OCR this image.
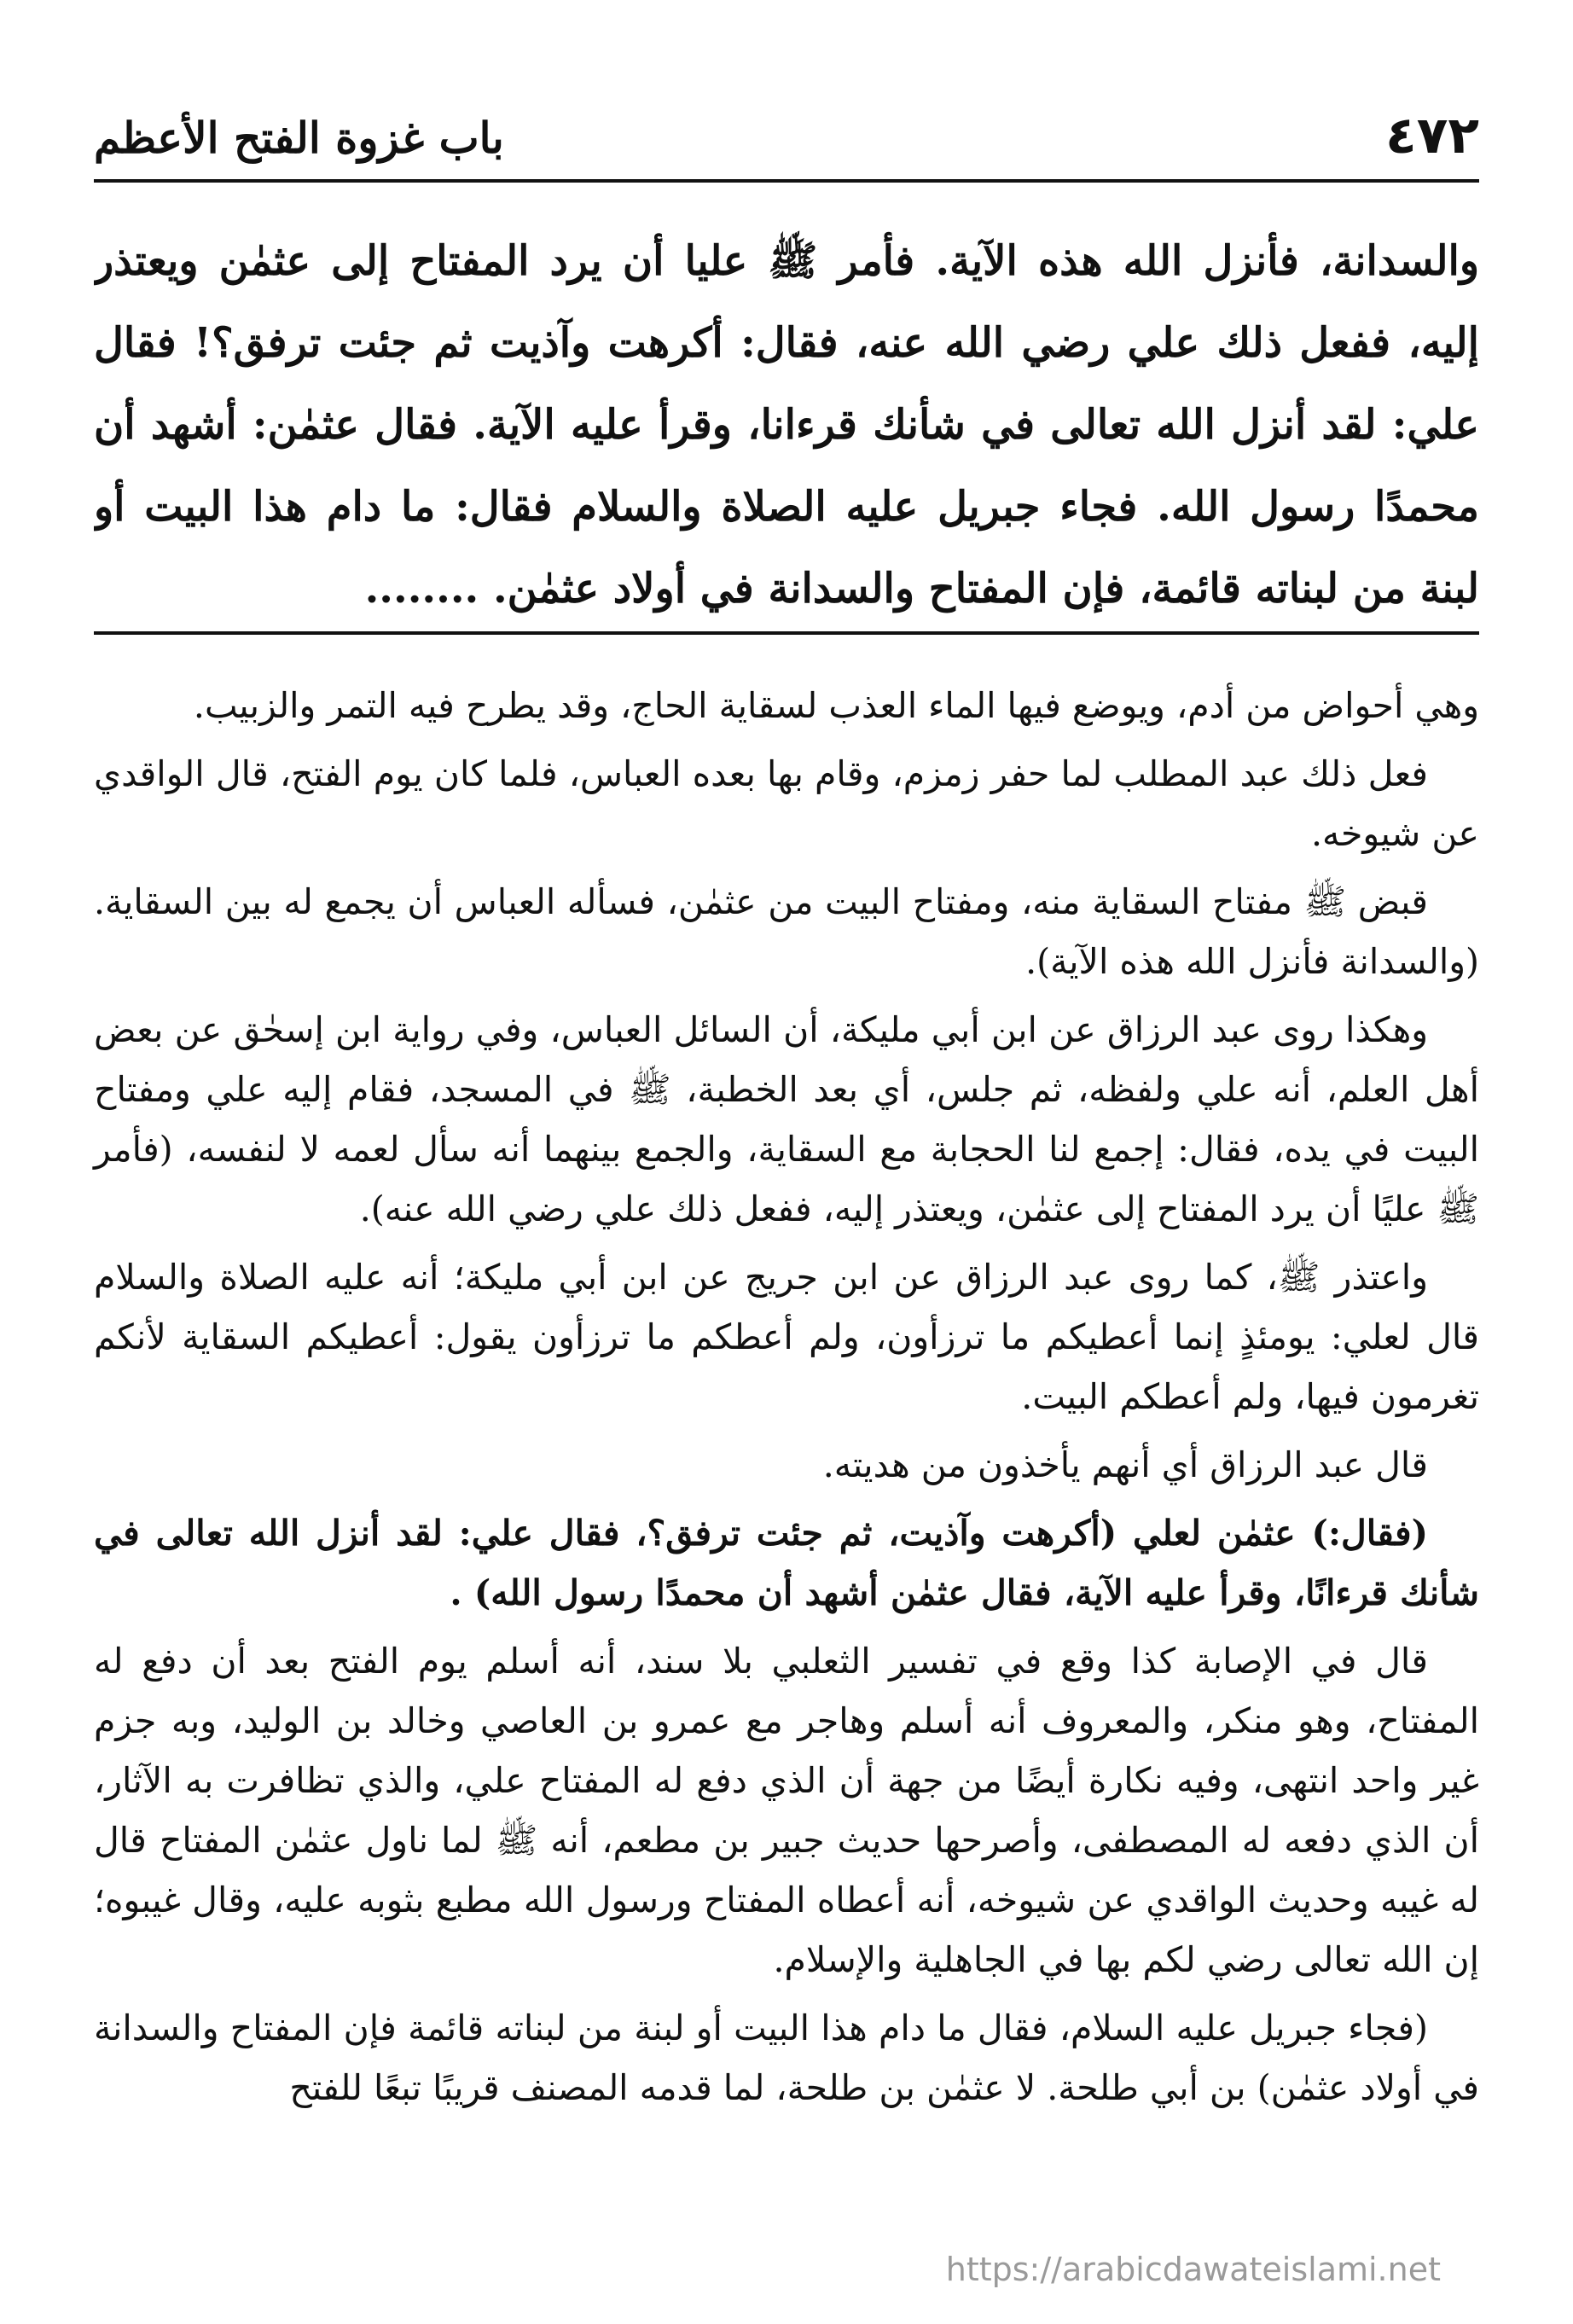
٤٧٢
باب غزوة الفتح الأعظم
والسدانة، فأنزل الله هذه الآية. فأمر ﷺ عليا أن يرد المفتاح إلى عثمٰن ويعتذر
إليه، ففعل ذلك علي رضي الله عنه، فقال: أكرهت وآذيت ثم جئت ترفق؟! فقال
علي: لقد أنزل الله تعالى في شأنك قرءانا، وقرأ عليه الآية. فقال عثمٰن: أشهد أن
محمدًا رسول الله. فجاء جبريل عليه الصلاة والسلام فقال: ما دام هذا البيت أو
لبنة من لبناته قائمة، فإن المفتاح والسدانة في أولاد عثمٰن. ........

وهي أحواض من أدم، ويوضع فيها الماء العذب لسقاية الحاج، وقد يطرح فيه التمر والزبيب.

فعل ذلك عبد المطلب لما حفر زمزم، وقام بها بعده العباس، فلما كان يوم الفتح، قال الواقدي عن شيوخه.

قبض ﷺ مفتاح السقاية منه، ومفتاح البيت من عثمٰن، فسأله العباس أن يجمع له بين السقاية. (والسدانة فأنزل الله هذه الآية).

وهكذا روى عبد الرزاق عن ابن أبي مليكة، أن السائل العباس، وفي رواية ابن إسحٰق عن بعض أهل العلم، أنه علي ولفظه، ثم جلس، أي بعد الخطبة، ﷺ في المسجد، فقام إليه علي ومفتاح البيت في يده، فقال: إجمع لنا الحجابة مع السقاية، والجمع بينهما أنه سأل لعمه لا لنفسه، (فأمر ﷺ عليًا أن يرد المفتاح إلى عثمٰن، ويعتذر إليه، ففعل ذلك علي رضي الله عنه).

واعتذر ﷺ، كما روى عبد الرزاق عن ابن جريج عن ابن أبي مليكة؛ أنه عليه الصلاة والسلام قال لعلي: يومئذٍ إنما أعطيكم ما ترزأون، ولم أعطكم ما ترزأون يقول: أعطيكم السقاية لأنكم تغرمون فيها، ولم أعطكم البيت.

قال عبد الرزاق أي أنهم يأخذون من هديته.

(فقال:) عثمٰن لعلي (أكرهت وآذيت، ثم جئت ترفق؟، فقال علي: لقد أنزل الله تعالى في شأنك قرءانًا، وقرأ عليه الآية، فقال عثمٰن أشهد أن محمدًا رسول الله) .

قال في الإصابة كذا وقع في تفسير الثعلبي بلا سند، أنه أسلم يوم الفتح بعد أن دفع له المفتاح، وهو منكر، والمعروف أنه أسلم وهاجر مع عمرو بن العاصي وخالد بن الوليد، وبه جزم غير واحد انتهى، وفيه نكارة أيضًا من جهة أن الذي دفع له المفتاح علي، والذي تظافرت به الآثار، أن الذي دفعه له المصطفى، وأصرحها حديث جبير بن مطعم، أنه ﷺ لما ناول عثمٰن المفتاح قال له غيبه وحديث الواقدي عن شيوخه، أنه أعطاه المفتاح ورسول الله مطبع بثوبه عليه، وقال غيبوه؛ إن الله تعالى رضي لكم بها في الجاهلية والإسلام.

(فجاء جبريل عليه السلام، فقال ما دام هذا البيت أو لبنة من لبناته قائمة فإن المفتاح والسدانة في أولاد عثمٰن) بن أبي طلحة. لا عثمٰن بن طلحة، لما قدمه المصنف قريبًا تبعًا للفتح

https://arabicdawateislami.net
